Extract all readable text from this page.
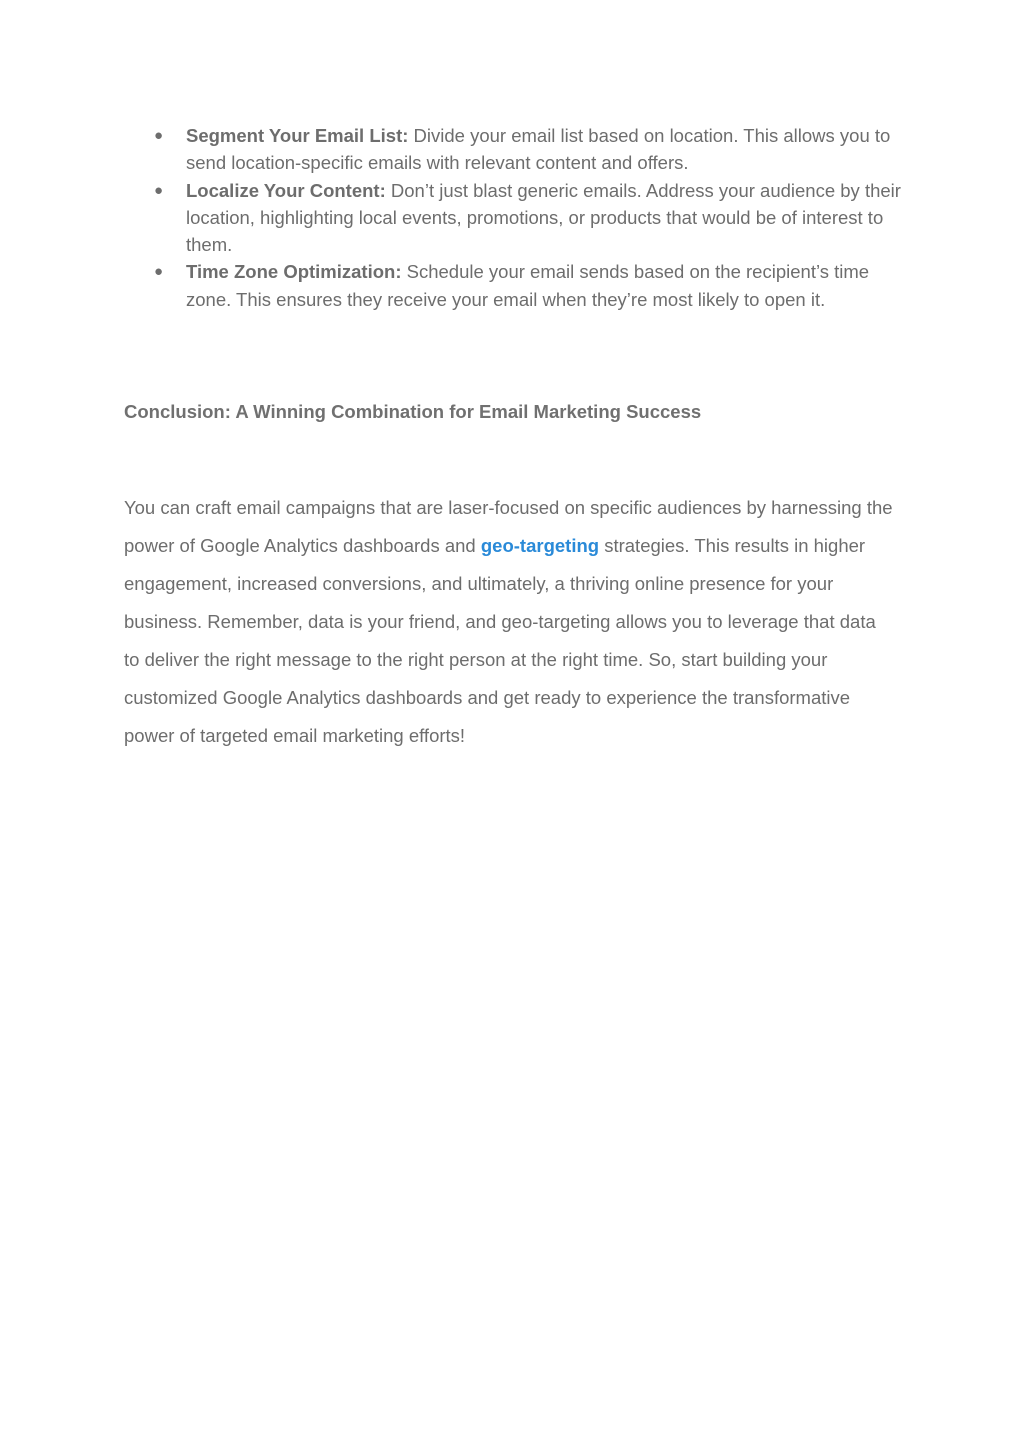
● Segment Your Email List: Divide your email list based on location. This allows you to send location-specific emails with relevant content and offers.
● Localize Your Content: Don’t just blast generic emails. Address your audience by their location, highlighting local events, promotions, or products that would be of interest to them.
● Time Zone Optimization: Schedule your email sends based on the recipient’s time zone. This ensures they receive your email when they’re most likely to open it.
Conclusion: A Winning Combination for Email Marketing Success

You can craft email campaigns that are laser-focused on specific audiences by harnessing the power of Google Analytics dashboards and geo-targeting strategies. This results in higher engagement, increased conversions, and ultimately, a thriving online presence for your business. Remember, data is your friend, and geo-targeting allows you to leverage that data to deliver the right message to the right person at the right time. So, start building your customized Google Analytics dashboards and get ready to experience the transformative power of targeted email marketing efforts!
